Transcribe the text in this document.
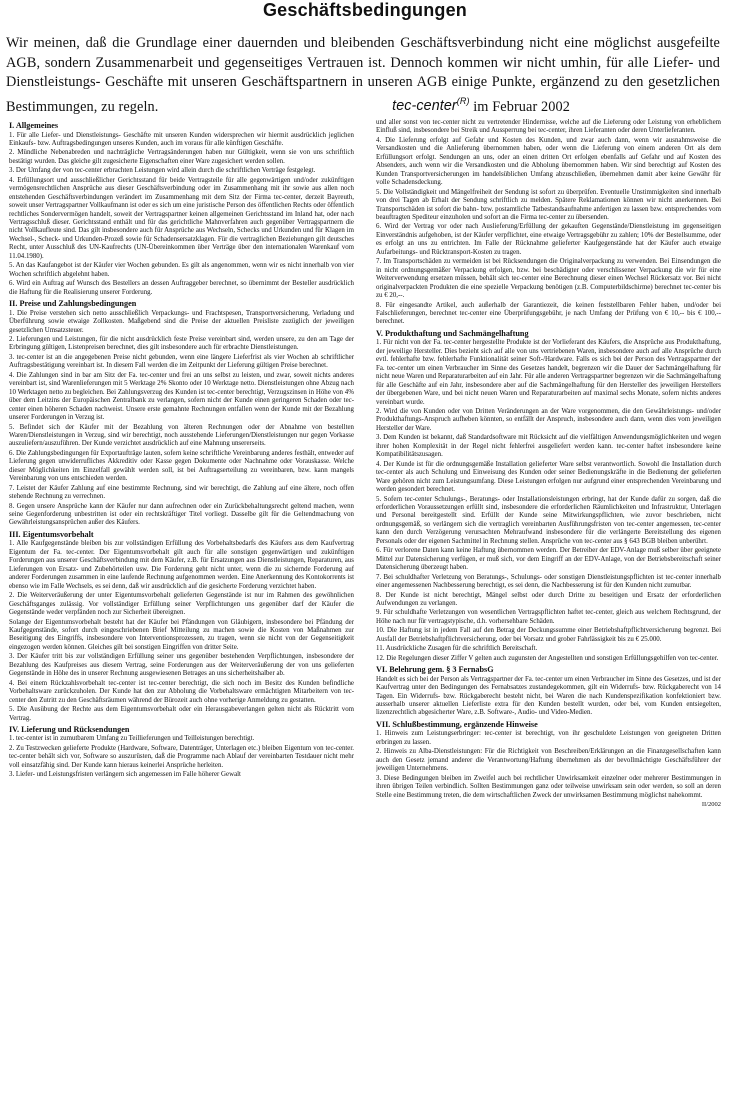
Geschäftsbedingungen
Wir meinen, daß die Grundlage einer dauernden und bleibenden Geschäftsverbindung nicht eine möglichst ausgefeilte AGB, sondern Zusammenarbeit und gegenseitiges Vertrauen ist. Dennoch kommen wir nicht umhin, für alle Liefer- und Dienstleistungs- Geschäfte mit unseren Geschäftspartnern in unseren AGB einige Punkte, ergänzend zu den gesetzlichen Bestimmungen, zu regeln.	tec-center$^{(R)}$ im Februar 2002
I. Allgemeines

1. Für alle Liefer- und Dienstleistungs- Geschäfte mit unseren Kunden widersprechen wir hiermit ausdrücklich jeglichen Einkaufs- bzw. Auftragsbedingungen unseres Kunden, auch im voraus für alle künftigen Geschäfte.

2. Mündliche Nebenabreden und nachträgliche Vertragsänderungen haben nur Gültigkeit, wenn sie von uns schriftlich bestätigt wurden. Das gleiche gilt zugesicherte Eigenschaften einer Ware zugesichert werden sollen.

3. Der Umfang der von tec-center erbrachten Leistungen wird allein durch die schriftlichen Verträge festgelegt.

4. Erfüllungsort und ausschließlicher Gerichtsstand für beide Vertragsteile für alle gegenwärtigen und/oder zukünftigen vermögensrechtlichen Ansprüche aus dieser Geschäftsverbindung oder im Zusammenhang mit ihr sowie aus allen noch entstehenden Geschäftsverbindungen verändert im Zusammenhang mit dem Sitz der Firma tec-center, derzeit Bayreuth, soweit unser Vertragspartner Vollkaufmann ist oder es sich um eine juristische Person des öffentlichen Rechts oder öffentlich rechtliches Sondervermögen handelt, soweit der Vertragspartner keinen allgemeinen Gerichtsstand im Inland hat, oder nach Vertragsschluß dieser. Gerichtsstand enthält und für das gerichtliche Mahnverfahren auch gegenüber Vertragspartnern die nicht Vollkaufleute sind. Das gilt insbesondere auch für Ansprüche aus Wechseln, Schecks und Urkunden und für Klagen im Wechsel-, Scheck- und Urkunden-Prozeß sowie für Schadensersatzklagen. Für die vertraglichen Beziehungen gilt deutsches Recht, unter Ausschluß des UN-Kaufrechts (UN-Übereinkommen über Verträge über den internationalen Warenkauf vom 11.04.1980).

5. An das Kaufangebot ist der Käufer vier Wochen gebunden. Es gilt als angenommen, wenn wir es nicht innerhalb von vier Wochen schriftlich abgelehnt haben.

6. Wird ein Auftrag auf Wunsch des Bestellers an dessen Auftraggeber berechnet, so übernimmt der Besteller ausdrücklich die Haftung für die Realisierung unserer Forderung.

II. Preise und Zahlungsbedingungen

1. Die Preise verstehen sich netto ausschließlich Verpackungs- und Frachtspesen, Transportversicherung, Verladung und Überführung sowie etwaige Zollkosten. Maßgebend sind die Preise der aktuellen Preisliste zuzüglich der jeweiligen gesetzlichen Umsatzsteuer.

2. Lieferungen und Leistungen, für die nicht ausdrücklich feste Preise vereinbart sind, werden unsere, zu den am Tage der Erbringung gültigen, Listenpreisen berechnet, dies gilt insbesondere auch für erbrachte Dienstleistungen.

3. tec-center ist an die angegebenen Preise nicht gebunden, wenn eine längere Lieferfrist als vier Wochen ab schriftlicher Auftragsbestätigung vereinbart ist. In diesem Fall werden die im Zeitpunkt der Lieferung gültigen Preise berechnet.

4. Die Zahlungen sind in bar am Sitz der Fa. tec-center und frei an uns selbst zu leisten, und zwar, soweit nichts anderes vereinbart ist, sind Warenlieferungen mit 5 Werktage 2% Skonto oder 10 Werktage netto. Dienstleistungen ohne Abzug nach 10 Werktagen netto zu begleichen. Bei Zahlungsverzug des Kunden ist tec-center berechtigt, Verzugszinsen in Höhe von 4% über dem Leitzins der Europäischen Zentralbank zu verlangen, sofern nicht der Kunde einen geringeren Schaden oder tec-center einen höheren Schaden nachweist. Unsere erste gemahnte Rechnungen entfallen wenn der Kunde mit der Bezahlung unserer Forderungen in Verzug ist.

5. Befindet sich der Käufer mit der Bezahlung von älteren Rechnungen oder der Abnahme von bestellten Waren/Dienstleistungen in Verzug, sind wir berechtigt, noch ausstehende Lieferungen/Dienstleistungen nur gegen Vorkasse auszuliefern/auszuführen. Der Kunde verzichtet ausdrücklich auf eine Mahnung unsererseits.

6. Die Zahlungsbedingungen für Exportaufträge lauten, sofern keine schriftliche Vereinbarung anderes festhält, entweder auf Lieferung gegen unwiderrufliches Akkreditiv oder Kasse gegen Dokumente oder Nachnahme oder Vorauskasse. Welche dieser Möglichkeiten im Einzelfall gewählt werden soll, ist bei Auftragserteilung zu vereinbaren, bzw. kann mangels Vereinbarung von uns entschieden werden.

7. Leistet der Käufer Zahlung auf eine bestimmte Rechnung, sind wir berechtigt, die Zahlung auf eine ältere, noch offen stehende Rechnung zu verrechnen.

8. Gegen unsere Ansprüche kann der Käufer nur dann aufrechnen oder ein Zurückbehaltungsrecht geltend machen, wenn seine Gegenforderung unbestritten ist oder ein rechtskräftiger Titel vorliegt. Dasselbe gilt für die Geltendmachung von Gewährleistungsansprüchen außer des Käufers.

III. Eigentumsvorbehalt

1. Alle Kaufgegenstände bleiben bis zur vollständigen Erfüllung des Vorbehaltsbedarfs des Käufers aus dem Kaufvertrag Eigentum der Fa. tec-center. Der Eigentumsvorbehalt gilt auch für alle sonstigen gegenwärtigen und zukünftigen Forderungen aus unserer Geschäftsverbindung mit dem Käufer, z.B. für Ersatzungen aus Dienstleistungen, Reparaturen, aus Lieferungen von Ersatz- und Zubehörteilen usw. Die Forderung geht nicht unter, wenn die zu sichernde Forderung auf anderer Forderungen zusammen in eine laufende Rechnung aufgenommen werden. Eine Anerkennung des Kontokorrents ist ebenso wie im Falle Wechsels, es sei denn, daß wir ausdrücklich auf die gesicherte Forderung verzichtet haben.

2. Die Weiterveräußerung der unter Eigentumsvorbehalt gelieferten Gegenstände ist nur im Rahmen des gewöhnlichen Geschäftsganges zulässig. Vor vollständiger Erfüllung seiner Verpflichtungen uns gegenüber darf der Käufer die Gegenstände weder verpfänden noch zur Sicherheit übereignen.

Solange der Eigentumsvorbehalt besteht hat der Käufer bei Pfändungen von Gläubigern, insbesondere bei Pfändung der Kaufgegenstände, sofort durch eingeschriebenen Brief Mitteilung zu machen sowie die Kosten von Maßnahmen zur Beseitigung des Eingriffs, insbesondere von Interventionsprozessen, zu tragen, wenn sie nicht von der Gegenseitigkeit eingezogen werden können. Gleiches gilt bei sonstigen Eingriffen von dritter Seite.

3. Der Käufer tritt bis zur vollständigen Erfüllung seiner uns gegenüber bestehenden Verpflichtungen, insbesondere der Bezahlung des Kaufpreises aus diesem Vertrag, seine Forderungen aus der Weiterveräußerung der von uns gelieferten Gegenstände in Höhe des in unserer Rechnung ausgewiesenen Betrages an uns sicherheitshalber ab.

4. Bei einem Rückzahlsvorbehalt tec-center ist tec-center berechtigt, die sich noch im Besitz des Kunden befindliche Vorbehaltsware zurückzuholen. Der Kunde hat den zur Abholung die Vorbehaltsware ermächtigten Mitarbeitern von tec-center den Zutritt zu den Geschäftsräumen während der Bürozeit auch ohne vorherige Anmeldung zu gestatten.

5. Die Ausübung der Rechte aus dem Eigentumsvorbehalt oder ein Herausgabeverlangen gelten nicht als Rücktritt vom Vertrag.

IV. Lieferung und Rücksendungen

1. tec-center ist in zumutbarem Umfang zu Teillieferungen und Teilleistungen berechtigt.

2. Zu Testzwecken gelieferte Produkte (Hardware, Software, Datenträger, Unterlagen etc.) bleiben Eigentum von tec-center. tec-center behält sich vor, Software so auszurüsten, daß die Programme nach Ablauf der vereinbarten Testdauer nicht mehr voll einsatzfähig sind. Der Kunde kann hieraus keinerlei Ansprüche herleiten.

3. Liefer- und Leistungsfristen verlängern sich angemessen im Falle höherer Gewalt

und aller sonst von tec-center nicht zu vertretender Hindernisse, welche auf die Lieferung oder Leistung von erheblichem Einfluß sind, insbesondere bei Streik und Aussperrung bei tec-center, ihren Lieferanten oder deren Unterlieferanten.

4. Die Lieferung erfolgt auf Gefahr und Kosten des Kunden, und zwar auch dann, wenn wir ausnahmsweise die Versandkosten und die Anlieferung übernommen haben, oder wenn die Lieferung von einem anderen Ort als dem Erfüllungsort erfolgt. Sendungen an uns, oder an einen dritten Ort erfolgen ebenfalls auf Gefahr und auf Kosten des Absenders, auch wenn wir die Versandkosten und die Abholung übernommen haben. Wir sind berechtigt auf Kosten des Kunden Transportversicherungen im handelsüblichen Umfang abzuschließen, übernehmen damit aber keine Gewähr für volle Schadensdeckung.

5. Die Vollständigkeit und Mängelfreiheit der Sendung ist sofort zu überprüfen. Eventuelle Unstimmigkeiten sind innerhalb von drei Tagen ab Erhalt der Sendung schriftlich zu melden. Spätere Reklamationen können wir nicht anerkennen. Bei Transportschäden ist sofort die bahn- bzw. postamtliche Tatbestandsaufnahme anfertigen zu lassen bzw. entsprechendes vom beauftragten Spediteur einzuholen und sofort an die Firma tec-center zu übersenden.

6. Wird der Vertrag vor oder nach Auslieferung/Erfüllung der gekauften Gegenstände/Dienstleistung im gegenseitigen Einverständnis aufgehoben, ist der Käufer verpflichtet, eine etwaige Vertragsgebühr zu zahlen; 10% der Bestellsumme, oder es erfolgt an uns zu entrichten. Im Falle der Rücknahme gelieferter Kaufgegenstände hat der Käufer auch etwaige Aufarbeitungs- und Rücktransport-Kosten zu tragen.

7. Im Transportschäden zu vermeiden ist bei Rücksendungen die Originalverpackung zu verwenden. Bei Einsendungen die in nicht ordnungsgemäßer Verpackung erfolgen, bzw. bei beschädigter oder verschlissener Verpackung die wir für eine Weiterverwendung ersetzen müssen, behält sich tec-center eine Berechnung dieser einen Wechsel Rückersatz vor. Bei nicht originalverpackten Produkten die eine spezielle Verpackung benötigen (z.B. Computerbildschirme) berechnet tec-center bis zu € 20,--.

8. Für eingesandte Artikel, auch außerhalb der Garantiezeit, die keinen feststellbaren Fehler haben, und/oder bei Falschlieferungen, berechnet tec-center eine Überprüfungsgebühr, je nach Umfang der Prüfung von € 10,-- bis € 100,-- berechnet.

V. Produkthaftung und Sachmängelhaftung

1. Für nicht von der Fa. tec-center hergestellte Produkte ist der Vorlieferant des Käufers, die Ansprüche aus Produkthaftung, der jeweilige Hersteller. Dies bezieht sich auf alle von uns vertriebenen Waren, insbesondere auch auf alle Ansprüche durch evtl. fehlerhafte bzw. fehlerhafte Funktionalität seiner Soft-/Hardware. Falls es sich bei der Person des Vertragspartner der Fa. tec-center um einen Verbraucher im Sinne des Gesetzes handelt, begrenzen wir die Dauer der Sachmängelhaftung für nicht neue Waren und Reparaturarbeiten auf ein Jahr. Für alle anderen Vertragspartner begrenzen wir die Sachmängelhaftung für alle Geschäfte auf ein Jahr, insbesondere aber auf die Sachmängelhaftung für den Hersteller des jeweiligen Herstellers der übergebenen Ware, und bei nicht neuen Waren und Reparaturarbeiten auf maximal sechs Monate, sofern nichts anderes vereinbart wurde.

2. Wird die von Kunden oder von Dritten Veränderungen an der Ware vorgenommen, die den Gewährleistungs- und/oder Produkthaftungs-Anspruch aufheben könnten, so entfällt der Anspruch, insbesondere auch dann, wenn dies vom jeweiligen Hersteller der Ware.

3. Dem Kunden ist bekannt, daß Standardsoftware mit Rücksicht auf die vielfältigen Anwendungsmöglichkeiten und wegen ihrer hohen Komplexität in der Regel nicht fehlerfrei ausgeliefert werden kann. tec-center haftet insbesondere keine Kompatibilitätszusagen.

4. Der Kunde ist für die ordnungsgemäße Installation gelieferter Ware selbst verantwortlich. Sowohl die Installation durch tec-center als auch Schulung und Einweisung des Kunden oder seiner Bedienungskräfte in die Bedienung der gelieferten Ware gehören nicht zum Leistungsumfang. Diese Leistungen erfolgen nur aufgrund einer entsprechenden Vereinbarung und werden gesondert berechnet.

5. Sofern tec-center Schulungs-, Beratungs- oder Installationsleistungen erbringt, hat der Kunde dafür zu sorgen, daß die erforderlichen Voraussetzungen erfüllt sind, insbesondere die erforderlichen Räumlichkeiten und Infrastruktur, Unterlagen und Personal bereitgestellt sind. Erfüllt der Kunde seine Mitwirkungspflichten, wie zuvor beschrieben, nicht ordnungsgemäß, so verlängern sich die vertraglich vereinbarten Ausführungsfristen von tec-center angemessen, tec-center kann den durch Verzögerung verursachten Mehraufwand insbesondere für die verlängerte Bereitstellung des eigenen Personals oder der eigenen Sachmittel in Rechnung stellen. Ansprüche von tec-center aus § 643 BGB bleiben unberührt.

6. Für verlorene Daten kann keine Haftung übernommen werden. Der Betreiber der EDV-Anlage muß selber über geeignete Mittel zur Datensicherung verfügen, er muß sich, vor dem Eingriff an der EDV-Anlage, von der Betriebsbereitschaft seiner Datensicherung überzeugt haben.

7. Bei schuldhafter Verletzung von Beratungs-, Schulungs- oder sonstigen Dienstleistungspflichten ist tec-center innerhalb einer angemessenen Nachbesserung berechtigt, es sei denn, die Nachbesserung ist für den Kunden nicht zumutbar.

8. Der Kunde ist nicht berechtigt, Mängel selbst oder durch Dritte zu beseitigen und Ersatz der erforderlichen Aufwendungen zu verlangen.

9. Für schuldhafte Verletzungen von wesentlichen Vertragspflichten haftet tec-center, gleich aus welchem Rechtsgrund, der Höhe nach nur für vertragstypische, d.h. vorhersehbare Schäden.

10. Die Haftung ist in jedem Fall auf den Betrag der Deckungssumme einer Betriebshaftpflichtversicherung begrenzt. Bei Ausfall der Betriebshaftpflichtversicherung, oder bei Vorsatz und grober Fahrlässigkeit bis zu € 25.000.

11. Ausdrückliche Zusagen für die schriftlich Bereitschaft.

12. Die Regelungen dieser Ziffer V gelten auch zugunsten der Angestellten und sonstigen Erfüllungsgehilfen von tec-center.

VI. Belehrung gem. § 3 FernabsG

Handelt es sich bei der Person als Vertragspartner der Fa. tec-center um einen Verbraucher im Sinne des Gesetzes, und ist der Kaufvertrag unter den Bedingungen des Fernabsatzes zustandegekommen, gilt ein Widerrufs- bzw. Rückgaberecht von 14 Tagen. Ein Widerrufs- bzw. Rückgaberecht besteht nicht, bei Waren die nach Kundenspezifikation konfektioniert bzw. ausserhalb unserer aktuellen Lieferliste extra für den Kunden bestellt wurden, oder bei, vom Kunden entsiegelten, lizenzrechtlich abgesicherter Ware, z.B. Software-, Audio- und Video-Medien.

VII. Schlußbestimmung, ergänzende Hinweise

1. Hinweis zum Leistungserbringer: tec-center ist berechtigt, von ihr geschuldete Leistungen von geeigneten Dritten erbringen zu lassen.

2. Hinweis zu Alba-Dienstleistungen: Für die Richtigkeit von Beschreiben/Erklärungen an die Finanzgesellschaften kann auch den Gesetz jemand anderer die Verantwortung/Haftung übernehmen als der bevollmächtigte Geschäftsführer der jeweiligen Unternehmens.

3. Diese Bedingungen bleiben im Zweifel auch bei rechtlicher Unwirksamkeit einzelner oder mehrerer Bestimmungen in ihren übrigen Teilen verbindlich. Sollten Bestimmungen ganz oder teilweise unwirksam sein oder werden, so soll an deren Stelle eine Bestimmung treten, die dem wirtschaftlichen Zweck der unwirksamen Bestimmung möglichst nahekommt.

II/2002
